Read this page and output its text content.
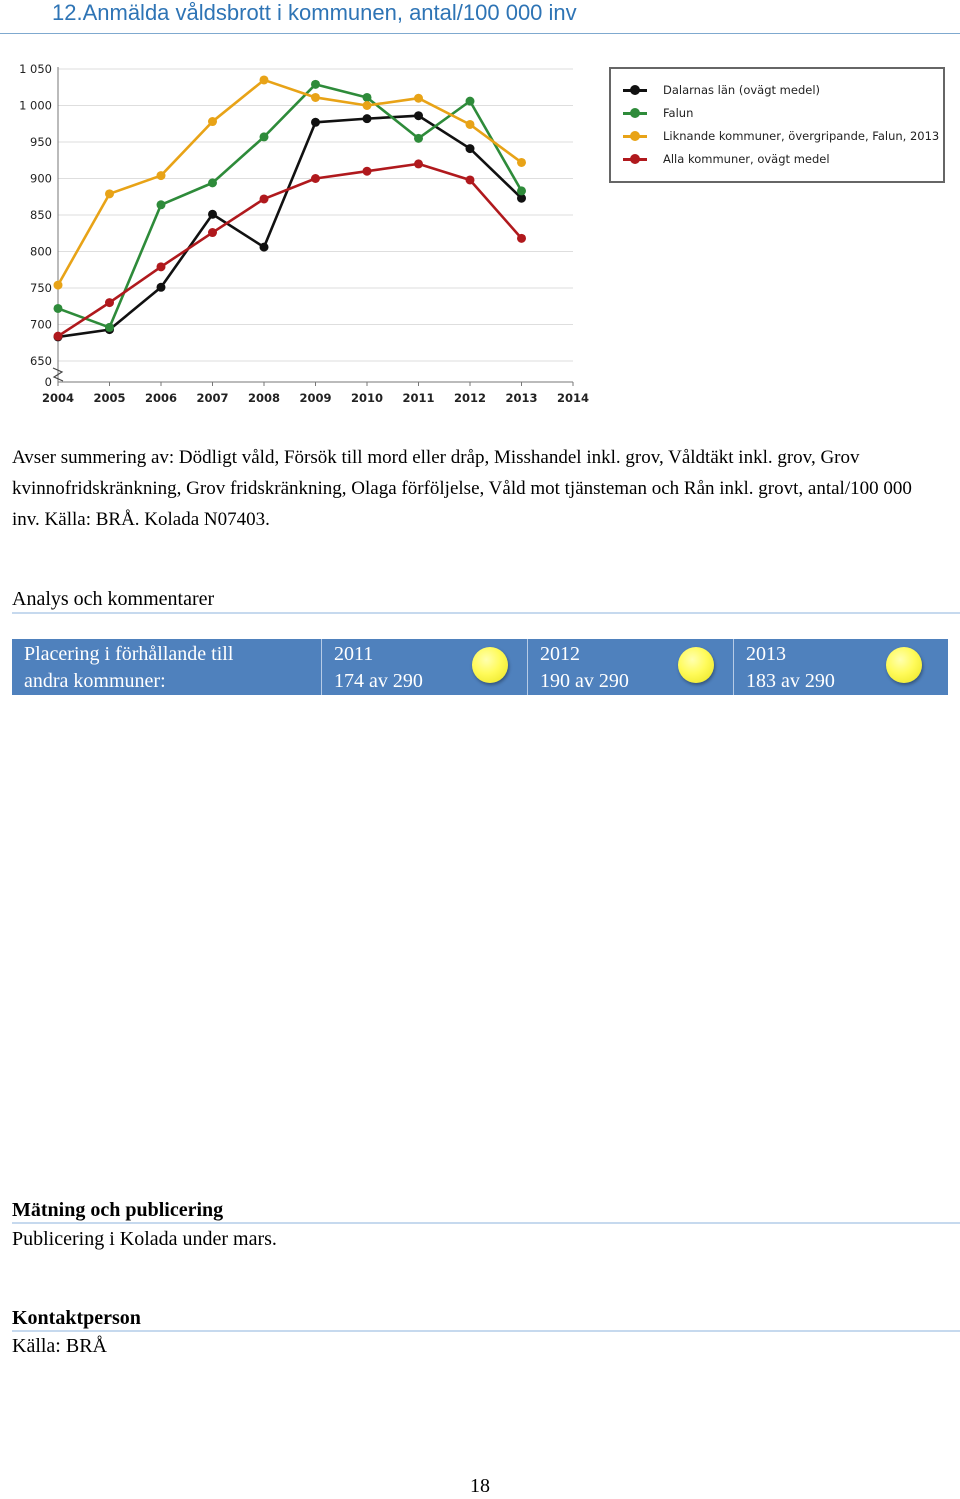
12.Anmälda våldsbrott i kommunen, antal/100 000 inv
1 050
1 000
950
900
850
800
750
700
650
0
2004 2005 2006 2007 2008 2009 2010 2011 2012 2013 2014
Dalarnas län (ovägt medel)
Falun
Liknande kommuner, övergripande, Falun, 2013
Alla kommuner, ovägt medel
Avser summering av: Dödligt våld, Försök till mord eller dråp, Misshandel inkl. grov, Våldtäkt inkl. grov, Grov kvinnofridskränkning, Grov fridskränkning, Olaga förföljelse, Våld mot tjänsteman och Rån inkl. grovt, antal/100 000 inv. Källa: BRÅ. Kolada N07403.
Analys och kommentarer
Placering i förhållande till
andra kommuner:
2011
174 av 290
2012
190 av 290
2013
183 av 290
Mätning och publicering
Publicering i Kolada under mars.
Kontaktperson
Källa: BRÅ
18
